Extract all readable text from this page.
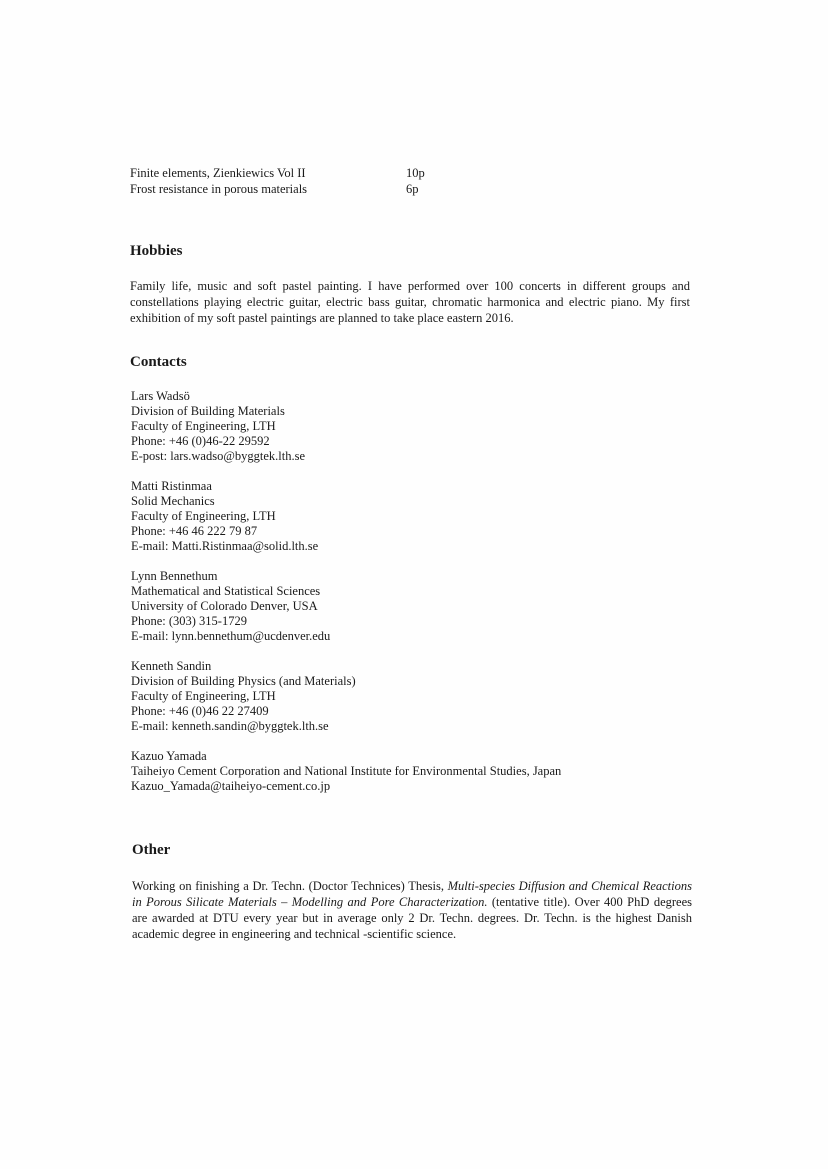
Finite elements, Zienkiewics Vol II	10p
Frost resistance in porous materials	6p
Hobbies

Family life, music and soft pastel painting. I have performed over 100 concerts in different groups and constellations playing electric guitar, electric bass guitar, chromatic harmonica and electric piano. My first exhibition of my soft pastel paintings are planned to take place eastern 2016.

Contacts
Lars Wadsö
Division of Building Materials
Faculty of Engineering, LTH
Phone: +46 (0)46-22 29592
E-post: lars.wadso@byggtek.lth.se
Matti Ristinmaa
Solid Mechanics
Faculty of Engineering, LTH
Phone: +46 46 222 79 87
E-mail: Matti.Ristinmaa@solid.lth.se
Lynn Bennethum
Mathematical and Statistical Sciences
University of Colorado Denver, USA
Phone: (303) 315-1729
E-mail: lynn.bennethum@ucdenver.edu
Kenneth Sandin
Division of Building Physics (and Materials)
Faculty of Engineering, LTH
Phone: +46 (0)46 22 27409
E-mail: kenneth.sandin@byggtek.lth.se
Kazuo Yamada
Taiheiyo Cement Corporation and National Institute for Environmental Studies, Japan
Kazuo_Yamada@taiheiyo-cement.co.jp
Other

Working on finishing a Dr. Techn. (Doctor Technices) Thesis, Multi-species Diffusion and Chemical Reactions in Porous Silicate Materials – Modelling and Pore Characterization. (tentative title). Over 400 PhD degrees are awarded at DTU every year but in average only 2 Dr. Techn. degrees. Dr. Techn. is the highest Danish academic degree in engineering and technical -scientific science.
